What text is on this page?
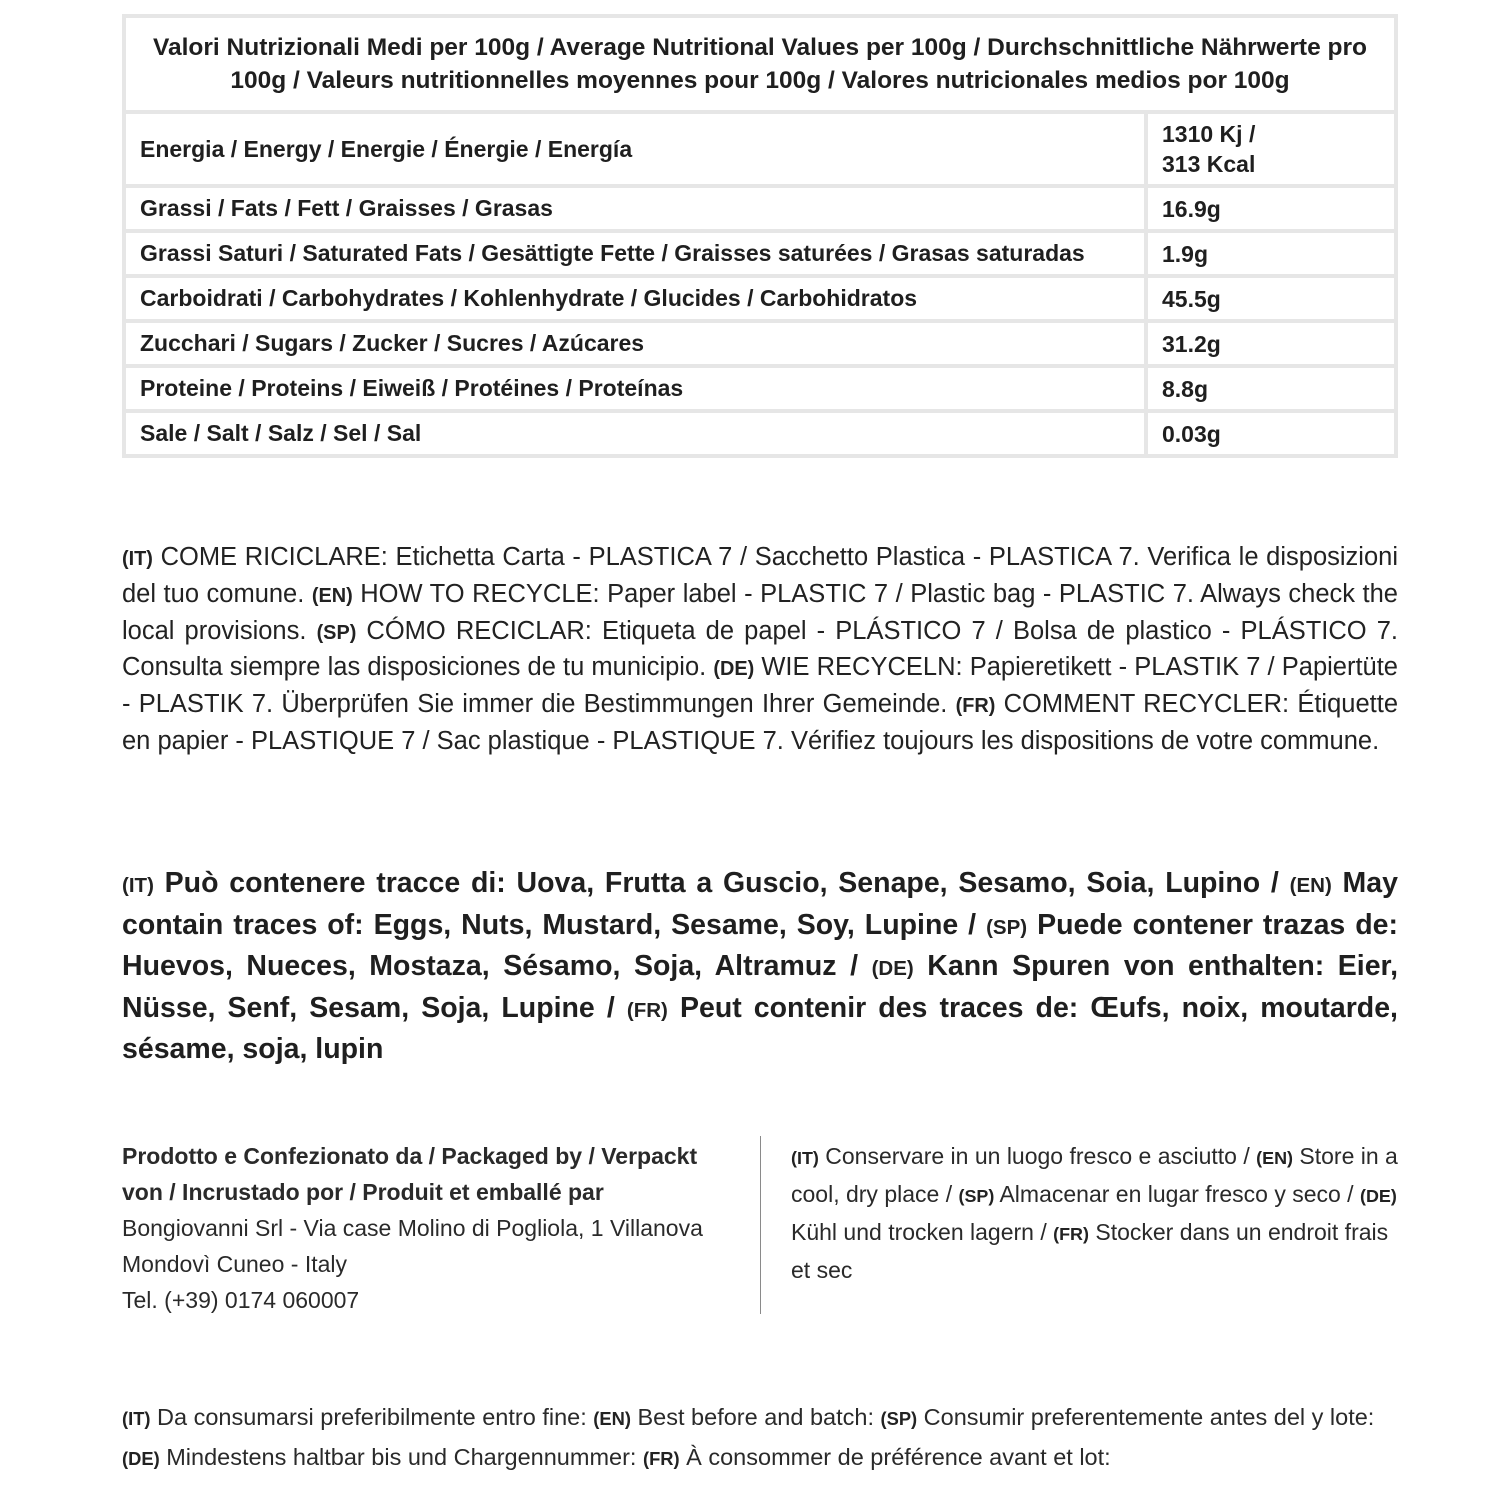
Valori Nutrizionali Medi per 100g / Average Nutritional Values per 100g / Durchschnittliche Nährwerte pro 100g / Valeurs nutritionnelles moyennes pour 100g / Valores nutricionales medios por 100g	
Energia / Energy / Energie / Énergie / Energía	1310 Kj /
313 Kcal
Grassi / Fats / Fett / Graisses / Grasas	16.9g
Grassi Saturi / Saturated Fats / Gesättigte Fette / Graisses saturées / Grasas saturadas	1.9g
Carboidrati / Carbohydrates / Kohlenhydrate / Glucides / Carbohidratos	45.5g
Zucchari / Sugars / Zucker / Sucres / Azúcares	31.2g
Proteine / Proteins / Eiweiß / Protéines / Proteínas	8.8g
Sale / Salt / Salz / Sel / Sal	0.03g
(IT) COME RICICLARE: Etichetta Carta - PLASTICA 7 / Sacchetto Plastica - PLASTICA 7. Verifica le disposizioni del tuo comune. (EN) HOW TO RECYCLE: Paper label - PLASTIC 7 / Plastic bag - PLASTIC 7. Always check the local provisions. (SP) CÓMO RECICLAR: Etiqueta de papel - PLÁSTICO 7 / Bolsa de plastico - PLÁSTICO 7. Consulta siempre las disposiciones de tu municipio. (DE) WIE RECYCELN: Papieretikett - PLASTIK 7 / Papiertüte - PLASTIK 7. Überprüfen Sie immer die Bestimmungen Ihrer Gemeinde. (FR) COMMENT RECYCLER: Étiquette en papier - PLASTIQUE 7 / Sac plastique - PLASTIQUE 7. Vérifiez toujours les dispositions de votre commune.
(IT) Può contenere tracce di: Uova, Frutta a Guscio, Senape, Sesamo, Soia, Lupino / (EN) May contain traces of: Eggs, Nuts, Mustard, Sesame, Soy, Lupine / (SP) Puede contener trazas de: Huevos, Nueces, Mostaza, Sésamo, Soja, Altramuz / (DE) Kann Spuren von enthalten: Eier, Nüsse, Senf, Sesam, Soja, Lupine / (FR) Peut contenir des traces de: Œufs, noix, moutarde, sésame, soja, lupin
Prodotto e Confezionato da / Packaged by / Verpackt von / Incrustado por / Produit et emballé par
Bongiovanni Srl - Via case Molino di Pogliola, 1 Villanova Mondovì Cuneo - Italy
Tel. (+39) 0174 060007
(IT) Conservare in un luogo fresco e asciutto / (EN) Store in a cool, dry place / (SP) Almacenar en lugar fresco y seco / (DE) Kühl und trocken lagern / (FR) Stocker dans un endroit frais et sec
(IT) Da consumarsi preferibilmente entro fine: (EN) Best before and batch: (SP) Consumir preferentemente antes del y lote: (DE) Mindestens haltbar bis und Chargennummer: (FR) À consommer de préférence avant et lot:
